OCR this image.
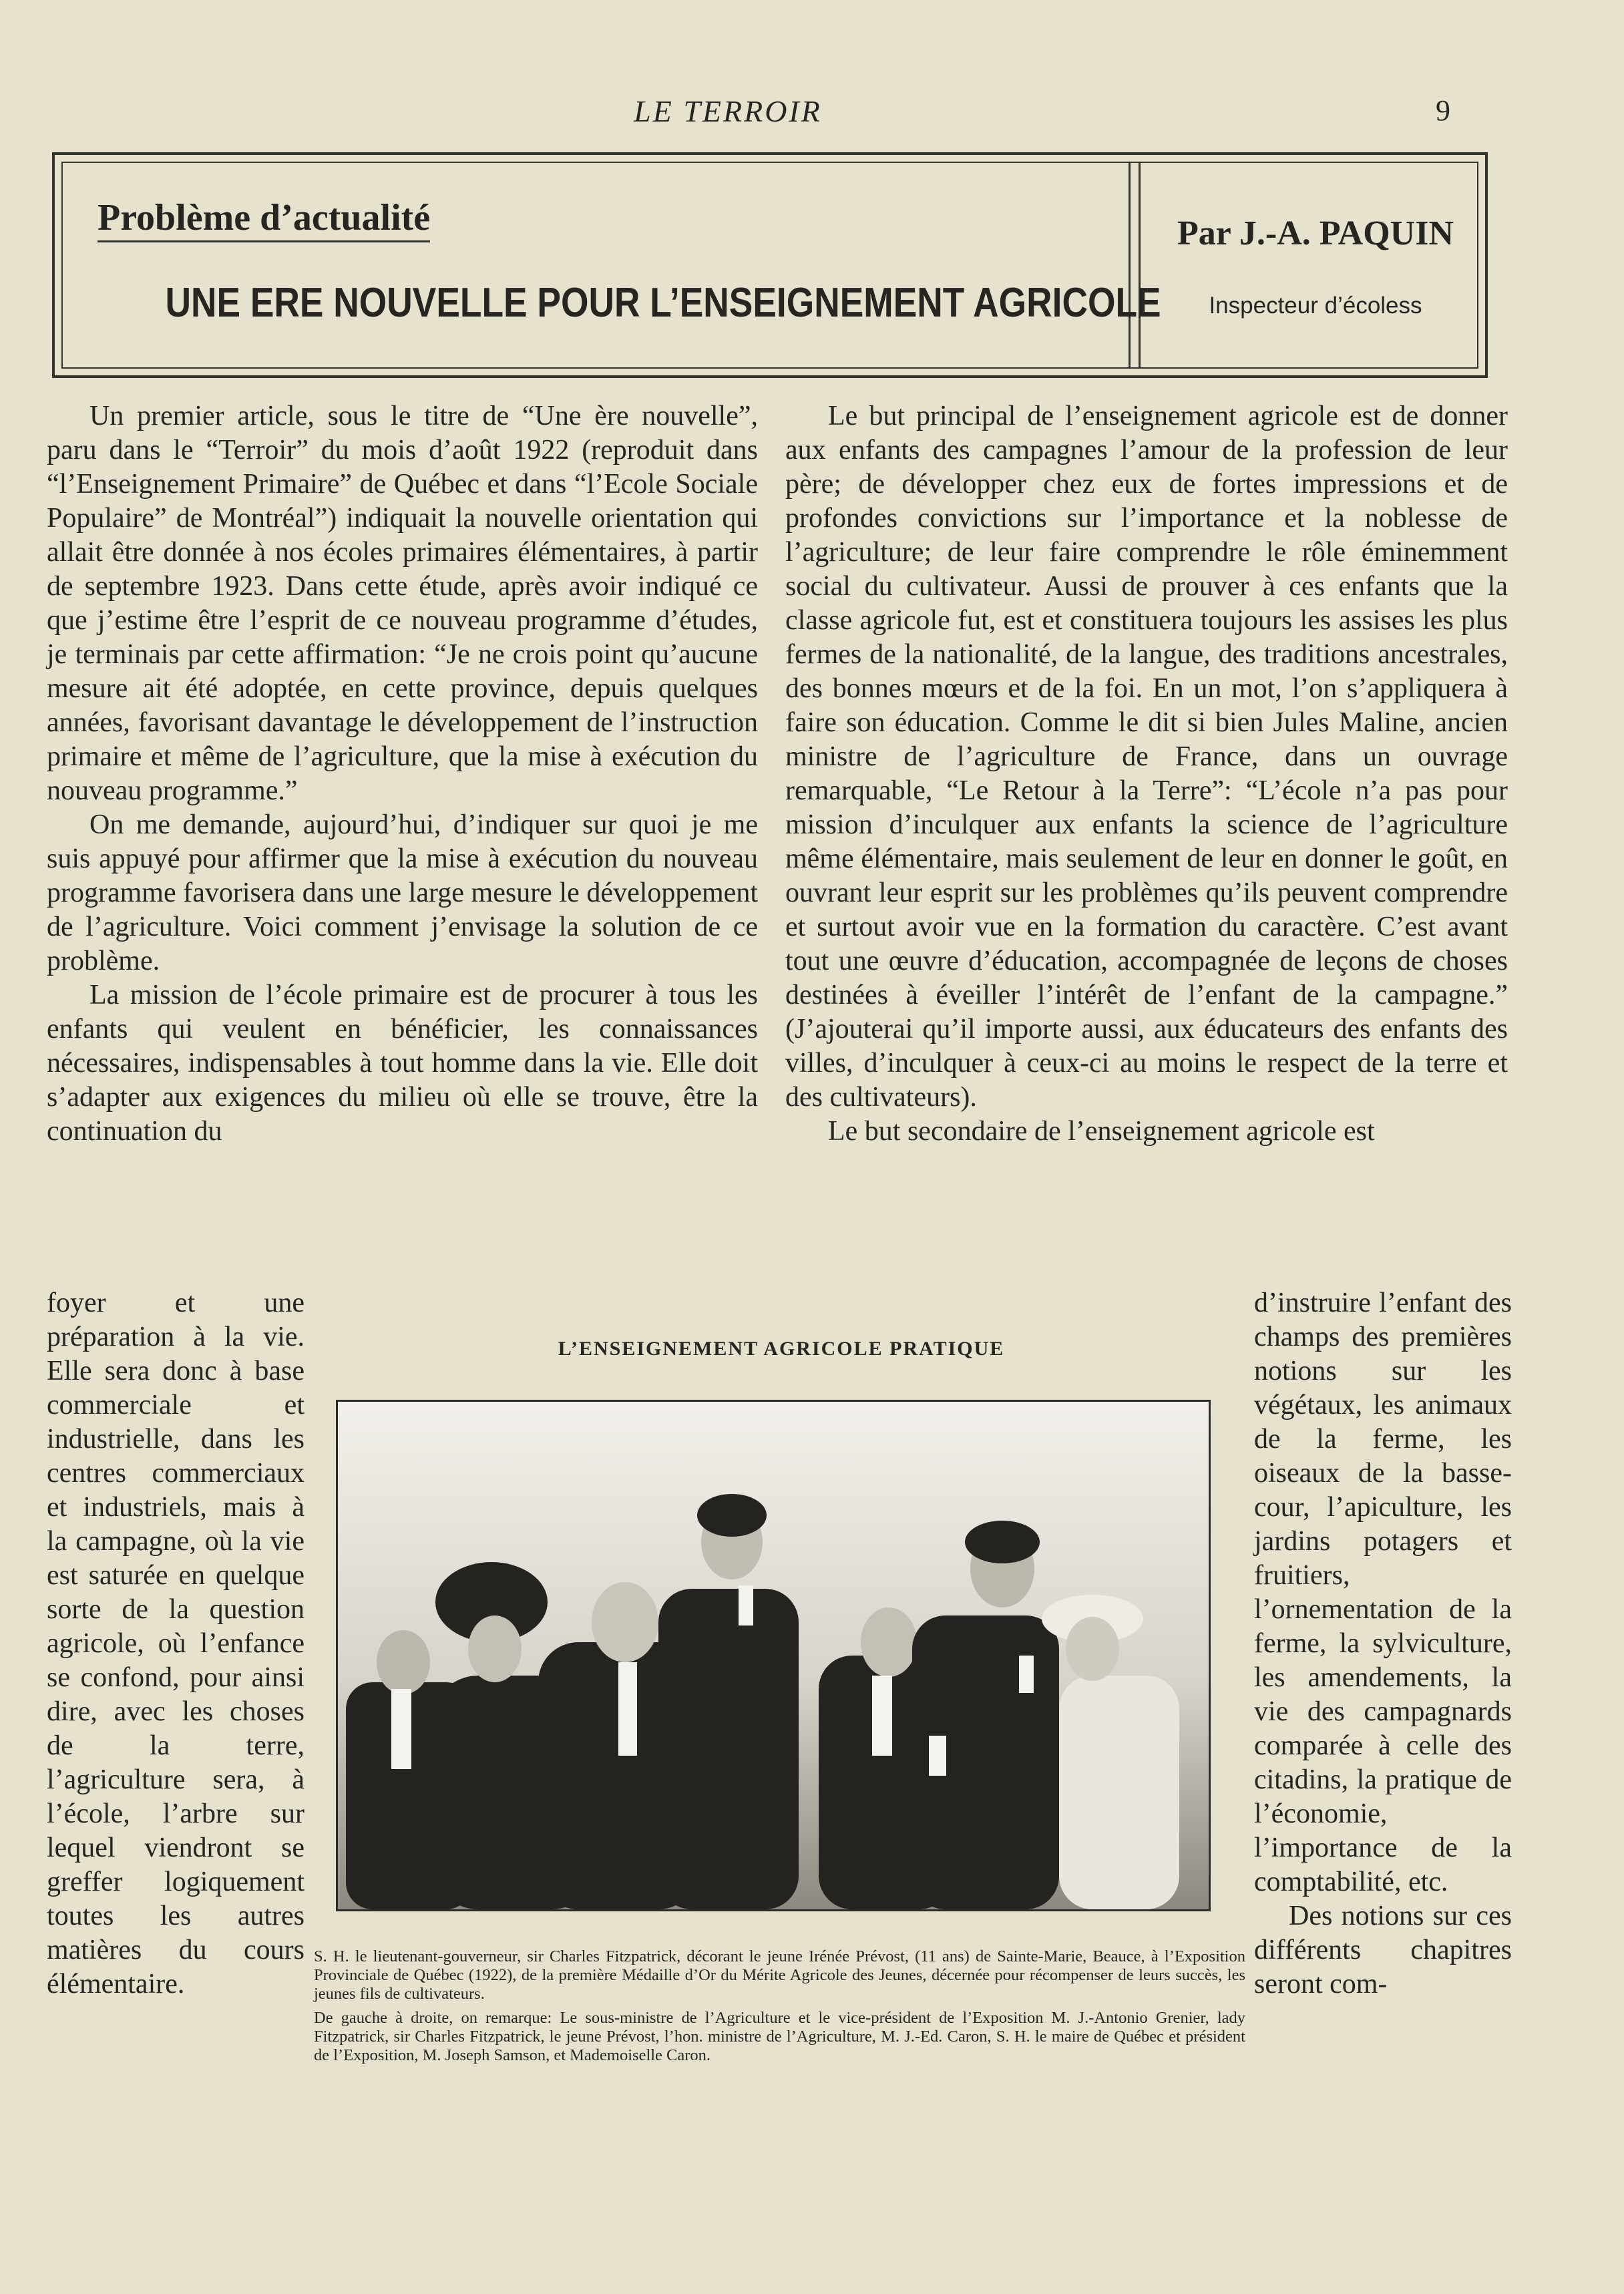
LE TERROIR	9
Problème d’actualité
UNE ERE NOUVELLE POUR L’ENSEIGNEMENT AGRICOLE
Par J.-A. PAQUIN
Inspecteur d’écoless

Un premier article, sous le titre de “Une ère nouvelle”, paru dans le “Terroir” du mois d’août 1922 (reproduit dans “l’Enseignement Primaire” de Québec et dans “l’Ecole Sociale Populaire” de Montréal”) indiquait la nouvelle orientation qui allait être donnée à nos écoles primaires élémentaires, à partir de septembre 1923. Dans cette étude, après avoir indiqué ce que j’estime être l’esprit de ce nouveau programme d’études, je terminais par cette affirmation: “Je ne crois point qu’aucune mesure ait été adoptée, en cette province, depuis quelques années, favorisant davantage le développement de l’instruction primaire et même de l’agriculture, que la mise à exécution du nouveau programme.”

On me demande, aujourd’hui, d’indiquer sur quoi je me suis appuyé pour affirmer que la mise à exécution du nouveau programme favorisera dans une large mesure le développement de l’agriculture. Voici comment j’envisage la solution de ce problème.

La mission de l’école primaire est de procurer à tous les enfants qui veulent en bénéficier, les connaissances nécessaires, indispensables à tout homme dans la vie. Elle doit s’adapter aux exigences du milieu où elle se trouve, être la continuation du

Le but principal de l’enseignement agricole est de donner aux enfants des campagnes l’amour de la profession de leur père; de développer chez eux de fortes impressions et de profondes convictions sur l’importance et la noblesse de l’agriculture; de leur faire comprendre le rôle éminemment social du cultivateur. Aussi de prouver à ces enfants que la classe agricole fut, est et constituera toujours les assises les plus fermes de la nationalité, de la langue, des traditions ancestrales, des bonnes mœurs et de la foi. En un mot, l’on s’appliquera à faire son éducation. Comme le dit si bien Jules Maline, ancien ministre de l’agriculture de France, dans un ouvrage remarquable, “Le Retour à la Terre”: “L’école n’a pas pour mission d’inculquer aux enfants la science de l’agriculture même élémentaire, mais seulement de leur en donner le goût, en ouvrant leur esprit sur les problèmes qu’ils peuvent comprendre et surtout avoir vue en la formation du caractère. C’est avant tout une œuvre d’éducation, accompagnée de leçons de choses destinées à éveiller l’intérêt de l’enfant de la campagne.” (J’ajouterai qu’il importe aussi, aux éducateurs des enfants des villes, d’inculquer à ceux-ci au moins le respect de la terre et des cultivateurs).

Le but secondaire de l’enseignement agricole est

foyer et une préparation à la vie. Elle sera donc à base commerciale et industrielle, dans les centres commerciaux et industriels, mais à la campagne, où la vie est saturée en quelque sorte de la question agricole, où l’enfance se confond, pour ainsi dire, avec les choses de la terre, l’agriculture sera, à l’école, l’arbre sur lequel viendront se greffer logiquement toutes les autres matières du cours élémentaire.

d’instruire l’enfant des champs des premières notions sur les végétaux, les animaux de la ferme, les oiseaux de la basse-cour, l’apiculture, les jardins potagers et fruitiers, l’ornementation de la ferme, la sylviculture, les amendements, la vie des campagnards comparée à celle des citadins, la pratique de l’économie, l’importance de la comptabilité, etc.

Des notions sur ces différents chapitres seront com-

L’ENSEIGNEMENT AGRICOLE PRATIQUE

S. H. le lieutenant-gouverneur, sir Charles Fitzpatrick, décorant le jeune Irénée Prévost, (11 ans) de Sainte-Marie, Beauce, à l’Exposition Provinciale de Québec (1922), de la première Médaille d’Or du Mérite Agricole des Jeunes, décernée pour récompenser de leurs succès, les jeunes fils de cultivateurs.

De gauche à droite, on remarque: Le sous-ministre de l’Agriculture et le vice-président de l’Exposition M. J.-Antonio Grenier, lady Fitzpatrick, sir Charles Fitzpatrick, le jeune Prévost, l’hon. ministre de l’Agriculture, M. J.-Ed. Caron, S. H. le maire de Québec et président de l’Exposition, M. Joseph Samson, et Mademoiselle Caron.
